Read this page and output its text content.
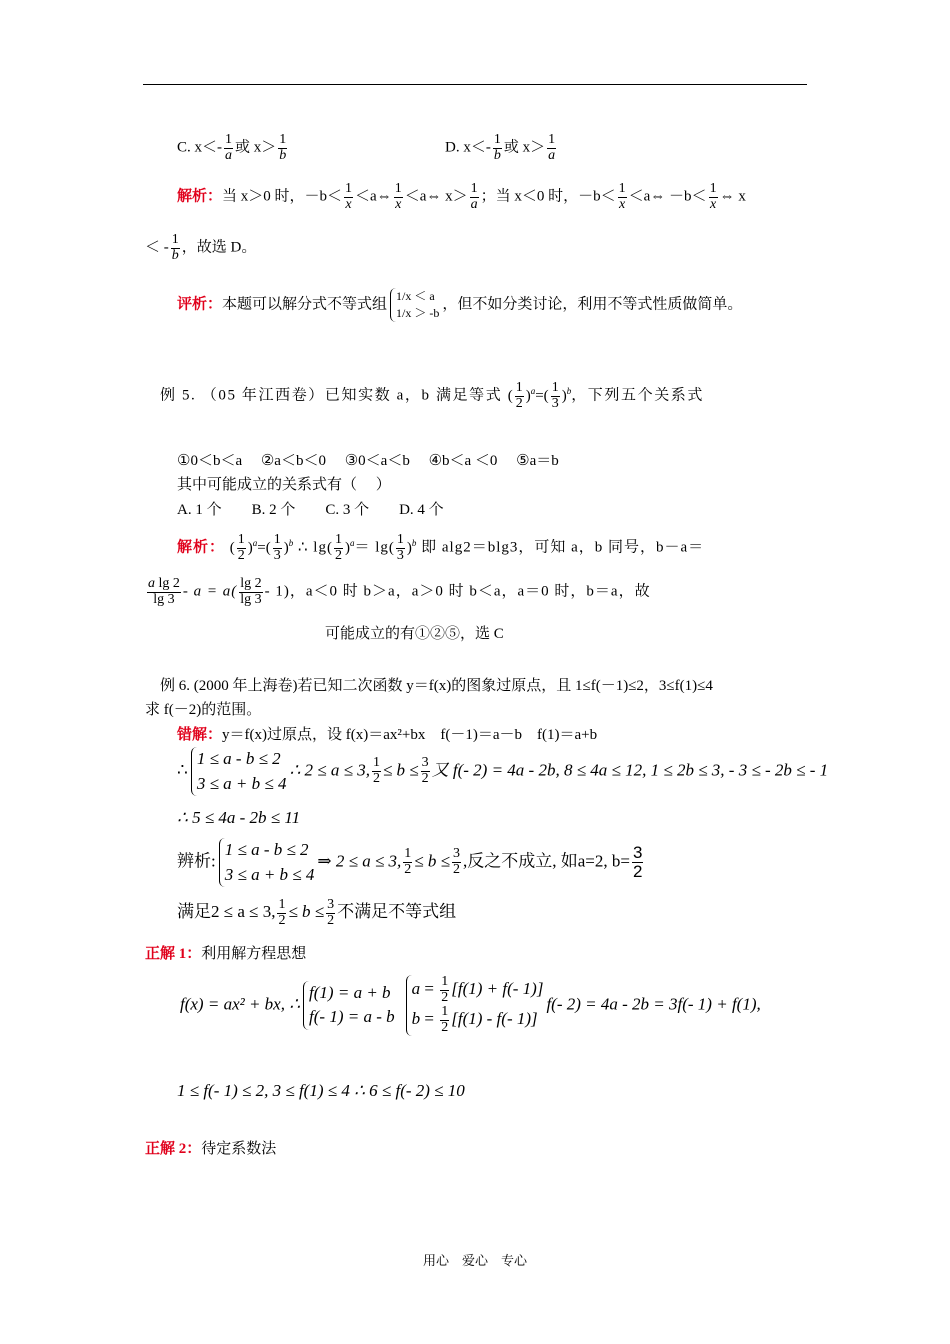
C. $x<- \frac{1}{a}$ 或 $x> \frac{1}{b}$	D. $x<- \frac{1}{b}$ 或 $x> \frac{1}{a}$
解析：当 x＞0 时，$-b< \frac{1}{x}$ ＜a⇔ $\frac{1}{x}$ ＜a⇔ $x> \frac{1}{a}$ ；当 x＜0 时，$-b< \frac{1}{x}$ ＜a⇔ $-b< \frac{1}{x}$ ⇔ x
＜ - $\frac{1}{b}$ ，故选 D。
评析：本题可以解分式不等式组
1/x ＜ a
1/x ＞ -b
，但不如分类讨论，利用不等式性质做简单。
例 5. （05 年江西卷）已知实数 a，b 满足等式 ( $\frac{1}{2} )^a=( \frac{1}{3} )^b$，下列五个关系式
①0＜b＜a　 ②a＜b＜0　 ③0＜a＜b　 ④b＜a ＜0　 ⑤a＝b
其中可能成立的关系式有（　 ）
A. 1 个　　B. 2 个　　C. 3 个　　D. 4 个
解析： ( $\frac{1}{2} )^a=( \frac{1}{3} )^b$ ∴ $\lg( \frac{1}{2} )^a= \lg( \frac{1}{3} )^b$ 即 alg2＝blg3，可知 a，b 同号，b－a＝
$\frac{\text{a lg 2}}{\lg 3} - a = a( \frac{\lg 2}{\lg 3} - 1)$，a＜0 时 b＞a，a＞0 时 b＜a，a＝0 时，b＝a，故
可能成立的有①②⑤，选 C
例 6. (2000 年上海卷)若已知二次函数 y＝f(x)的图象过原点，且 1≤f(－1)≤2，3≤f(1)≤4
求 f(－2)的范围。
错解：y＝f(x)过原点，设 f(x)＝ax²+bx　f(－1)＝a－b　f(1)＝a+b
∴
1 ≤ a - b ≤ 2
3 ≤ a + b ≤ 4
∴ 2 ≤ a ≤ 3, $\frac{1}{2} \le b \le \frac{3}{2}$ 又 f(- 2) = 4a - 2b, 8 ≤ 4a ≤ 12, 1 ≤ 2b ≤ 3, - 3 ≤ - 2b ≤ - 1
∴ 5 ≤ 4a - 2b ≤ 11
辨析:
1 ≤ a - b ≤ 2
3 ≤ a + b ≤ 4
⇒ 2 ≤ a ≤ 3, $\frac{1}{2} \le b \le \frac{3}{2}$ ,反之不成立, 如a=2, $b= \frac{3}{2}$
满足2 ≤ a ≤ 3, $\frac{1}{2} \le b \le \frac{3}{2}$ 不满足不等式组
正解 1：利用解方程思想
f(x) = ax² + bx, ∴
f(1) = a + b
f(- 1) = a - b
$a = \frac{1}{2} [f(1) + f(-$ 1)]
$b = \frac{1}{2} [f(1) - f(-$ 1)]
f(- 2) = 4a - 2b = 3f(- 1) + f(1),
1 ≤ f(- 1) ≤ 2, 3 ≤ f(1) ≤ 4 ∴ 6 ≤ f(- 2) ≤ 10
正解 2：待定系数法
用心　爱心　专心
